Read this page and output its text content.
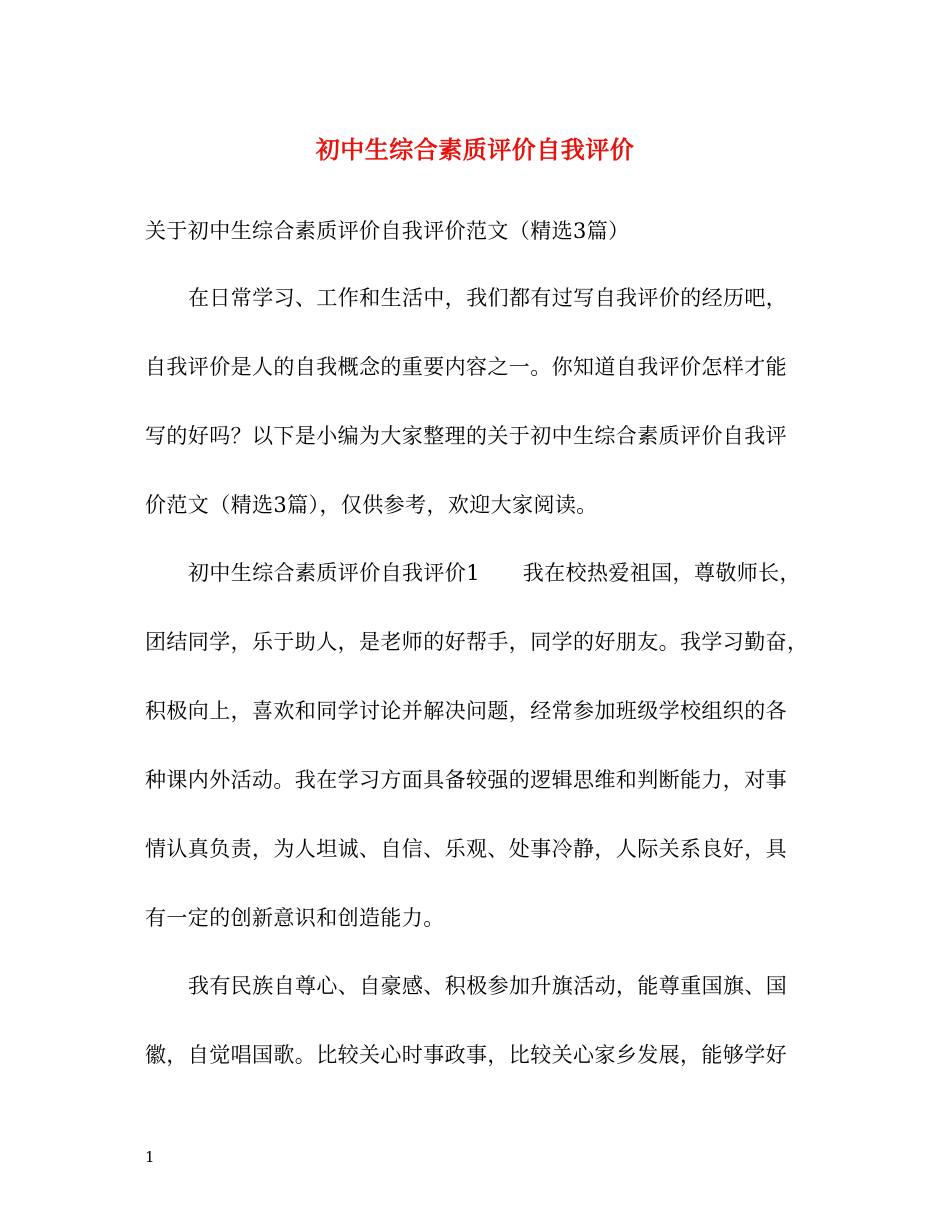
初中生综合素质评价自我评价
关于初中生综合素质评价自我评价范文（精选3篇）
在日常学习、工作和生活中，我们都有过写自我评价的经历吧，
自我评价是人的自我概念的重要内容之一。你知道自我评价怎样才能
写的好吗？以下是小编为大家整理的关于初中生综合素质评价自我评
价范文（精选3篇），仅供参考，欢迎大家阅读。
初中生综合素质评价自我评价1　　我在校热爱祖国，尊敬师长，
团结同学，乐于助人，是老师的好帮手，同学的好朋友。我学习勤奋，
积极向上，喜欢和同学讨论并解决问题，经常参加班级学校组织的各
种课内外活动。我在学习方面具备较强的逻辑思维和判断能力，对事
情认真负责，为人坦诚、自信、乐观、处事冷静，人际关系良好，具
有一定的创新意识和创造能力。
我有民族自尊心、自豪感、积极参加升旗活动，能尊重国旗、国
徽，自觉唱国歌。比较关心时事政事，比较关心家乡发展，能够学好
1
